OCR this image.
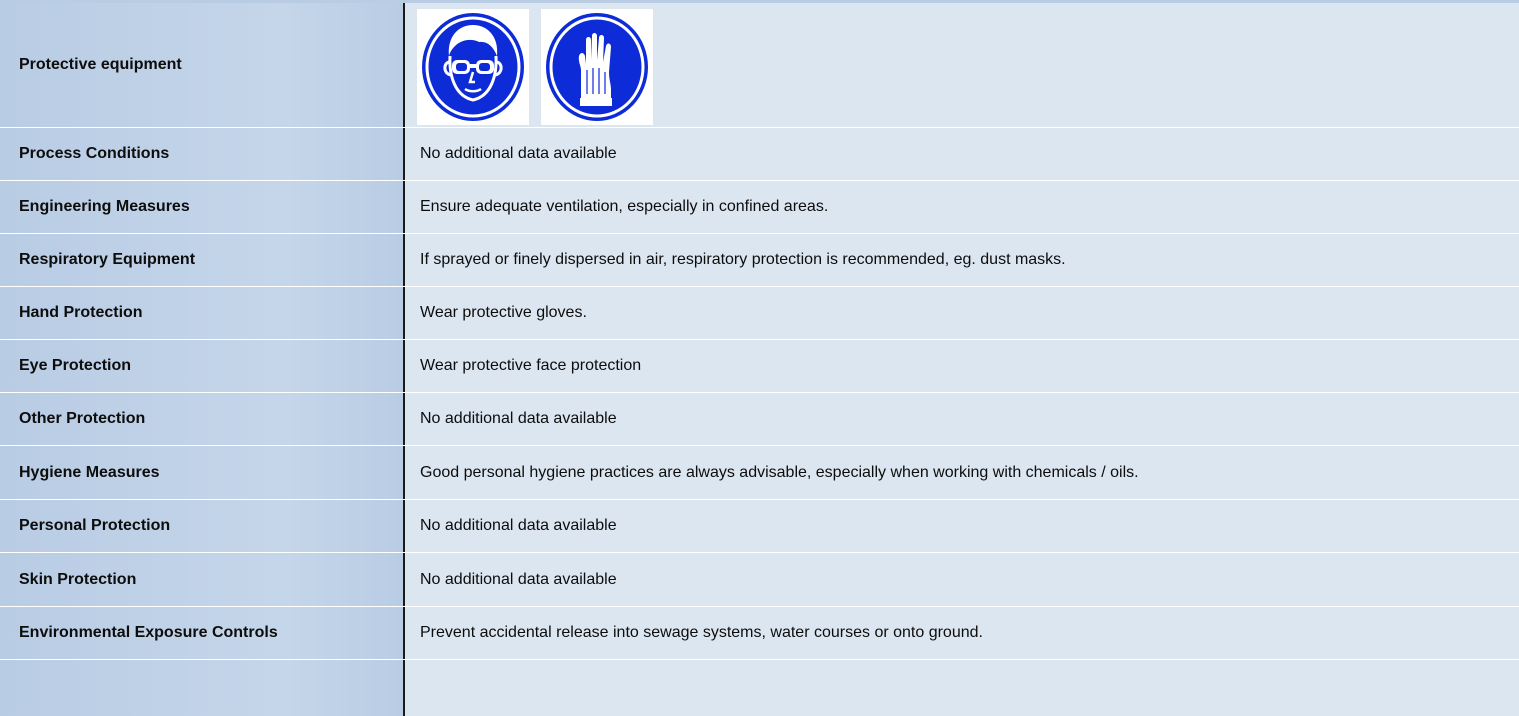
Protective equipment
Process Conditions	No additional data available
Engineering Measures	Ensure adequate ventilation, especially in confined areas.
Respiratory Equipment	If sprayed or finely dispersed in air, respiratory protection is recommended, eg. dust masks.
Hand Protection	Wear protective gloves.
Eye Protection	Wear protective face protection
Other Protection	No additional data available
Hygiene Measures	Good personal hygiene practices are always advisable, especially when working with chemicals / oils.
Personal Protection	No additional data available
Skin Protection	No additional data available
Environmental Exposure Controls	Prevent accidental release into sewage systems, water courses or onto ground.
